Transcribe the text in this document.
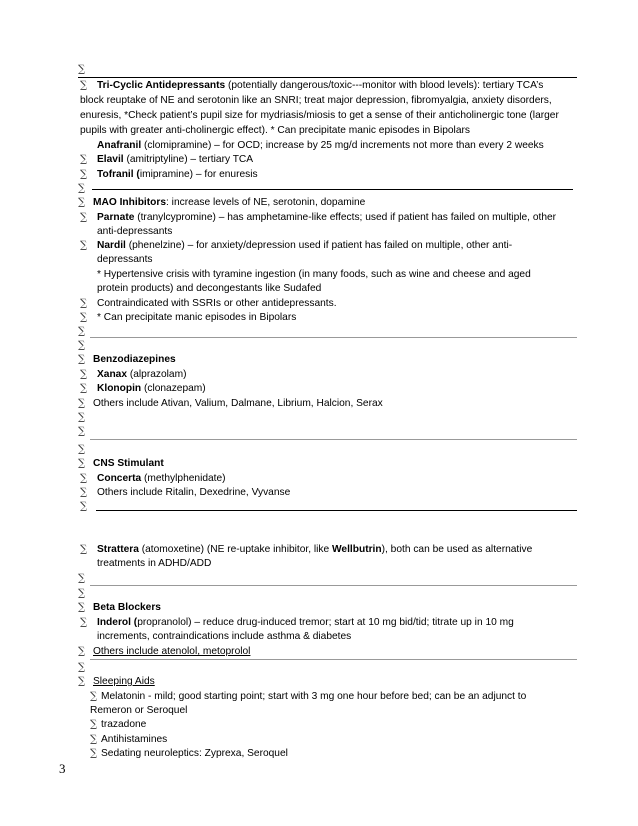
∑
∑ Tri-Cyclic Antidepressants (potentially dangerous/toxic---monitor with blood levels): tertiary TCA’s
block reuptake of NE and serotonin like an SNRI; treat major depression, fibromyalgia, anxiety disorders,
enuresis, *Check patient’s pupil size for mydriasis/miosis to get a sense of their anticholinergic tone (larger
pupils with greater anti-cholinergic effect). * Can precipitate manic episodes in Bipolars
Anafranil (clomipramine) – for OCD; increase by 25 mg/d increments not more than every 2 weeks
∑ Elavil (amitriptyline) – tertiary TCA
∑ Tofranil (imipramine) – for enuresis
∑
∑ MAO Inhibitors: increase levels of NE, serotonin, dopamine
∑ Parnate (tranylcypromine) – has amphetamine-like effects; used if patient has failed on multiple, other
anti-depressants
∑ Nardil (phenelzine) – for anxiety/depression used if patient has failed on multiple, other anti-
depressants
* Hypertensive crisis with tyramine ingestion (in many foods, such as wine and cheese and aged
protein products) and decongestants like Sudafed
∑ Contraindicated with SSRIs or other antidepressants.
∑ * Can precipitate manic episodes in Bipolars
∑
∑
∑ Benzodiazepines
∑ Xanax (alprazolam)
∑ Klonopin (clonazepam)
∑ Others include Ativan, Valium, Dalmane, Librium, Halcion, Serax
∑
∑
∑
∑ CNS Stimulant
∑ Concerta (methylphenidate)
∑ Others include Ritalin, Dexedrine, Vyvanse
∑
∑ Strattera (atomoxetine) (NE re-uptake inhibitor, like Wellbutrin), both can be used as alternative
treatments in ADHD/ADD
∑
∑
∑ Beta Blockers
∑ Inderol (propranolol) – reduce drug-induced tremor; start at 10 mg bid/tid; titrate up in 10 mg
increments, contraindications include asthma & diabetes
∑ Others include atenolol, metoprolol
∑
∑ Sleeping Aids
∑ Melatonin - mild; good starting point; start with 3 mg one hour before bed; can be an adjunct to
Remeron or Seroquel
∑ trazadone
∑ Antihistamines
∑ Sedating neuroleptics: Zyprexa, Seroquel
3
